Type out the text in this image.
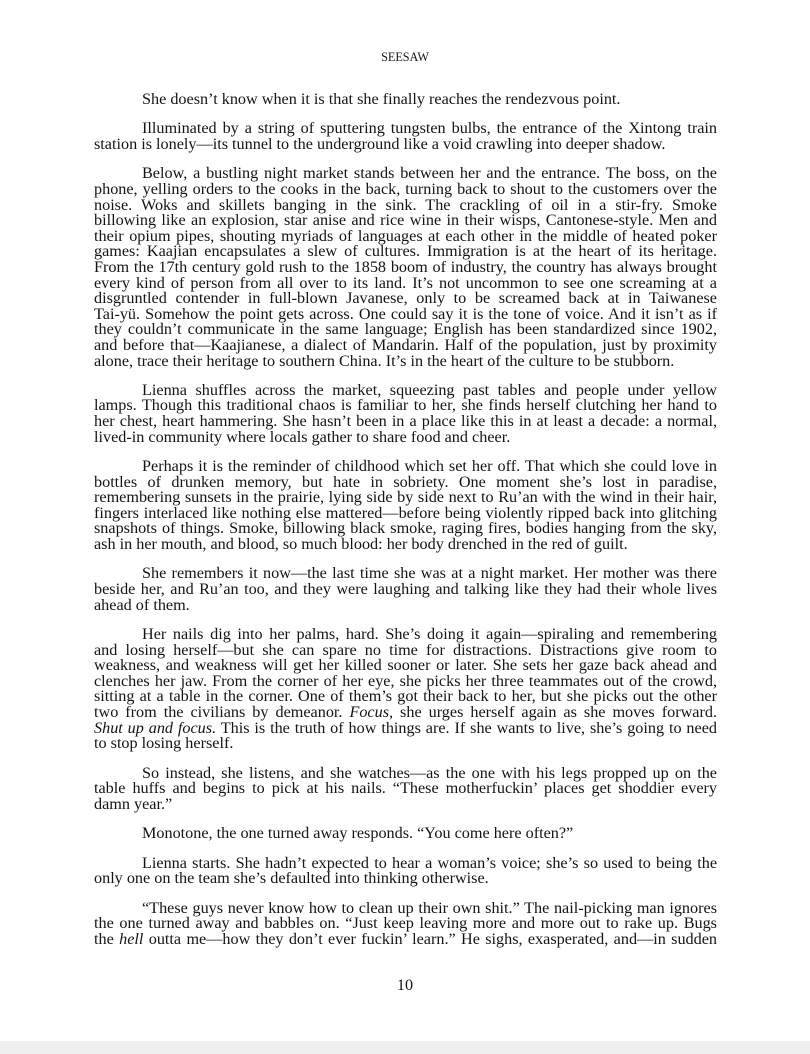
SEESAW
She doesn’t know when it is that she finally reaches the rendezvous point.
Illuminated by a string of sputtering tungsten bulbs, the entrance of the Xintong train
station is lonely—its tunnel to the underground like a void crawling into deeper shadow.
Below, a bustling night market stands between her and the entrance. The boss, on the
phone, yelling orders to the cooks in the back, turning back to shout to the customers over the
noise. Woks and skillets banging in the sink. The crackling of oil in a stir-fry. Smoke
billowing like an explosion, star anise and rice wine in their wisps, Cantonese-style. Men and
their opium pipes, shouting myriads of languages at each other in the middle of heated poker
games: Kaajian encapsulates a slew of cultures. Immigration is at the heart of its heritage.
From the 17th century gold rush to the 1858 boom of industry, the country has always brought
every kind of person from all over to its land. It’s not uncommon to see one screaming at a
disgruntled contender in full-blown Javanese, only to be screamed back at in Taiwanese
Tai-yü. Somehow the point gets across. One could say it is the tone of voice. And it isn’t as if
they couldn’t communicate in the same language; English has been standardized since 1902,
and before that—Kaajianese, a dialect of Mandarin. Half of the population, just by proximity
alone, trace their heritage to southern China. It’s in the heart of the culture to be stubborn.
Lienna shuffles across the market, squeezing past tables and people under yellow
lamps. Though this traditional chaos is familiar to her, she finds herself clutching her hand to
her chest, heart hammering. She hasn’t been in a place like this in at least a decade: a normal,
lived-in community where locals gather to share food and cheer.
Perhaps it is the reminder of childhood which set her off. That which she could love in
bottles of drunken memory, but hate in sobriety. One moment she’s lost in paradise,
remembering sunsets in the prairie, lying side by side next to Ru’an with the wind in their hair,
fingers interlaced like nothing else mattered—before being violently ripped back into glitching
snapshots of things. Smoke, billowing black smoke, raging fires, bodies hanging from the sky,
ash in her mouth, and blood, so much blood: her body drenched in the red of guilt.
She remembers it now—the last time she was at a night market. Her mother was there
beside her, and Ru’an too, and they were laughing and talking like they had their whole lives
ahead of them.
Her nails dig into her palms, hard. She’s doing it again—spiraling and remembering
and losing herself—but she can spare no time for distractions. Distractions give room to
weakness, and weakness will get her killed sooner or later. She sets her gaze back ahead and
clenches her jaw. From the corner of her eye, she picks her three teammates out of the crowd,
sitting at a table in the corner. One of them’s got their back to her, but she picks out the other
two from the civilians by demeanor. Focus, she urges herself again as she moves forward.
Shut up and focus. This is the truth of how things are. If she wants to live, she’s going to need
to stop losing herself.
So instead, she listens, and she watches—as the one with his legs propped up on the
table huffs and begins to pick at his nails. “These motherfuckin’ places get shoddier every
damn year.”
Monotone, the one turned away responds. “You come here often?”
Lienna starts. She hadn’t expected to hear a woman’s voice; she’s so used to being the
only one on the team she’s defaulted into thinking otherwise.
“These guys never know how to clean up their own shit.” The nail-picking man ignores
the one turned away and babbles on. “Just keep leaving more and more out to rake up. Bugs
the hell outta me—how they don’t ever fuckin’ learn.” He sighs, exasperated, and—in sudden
10
